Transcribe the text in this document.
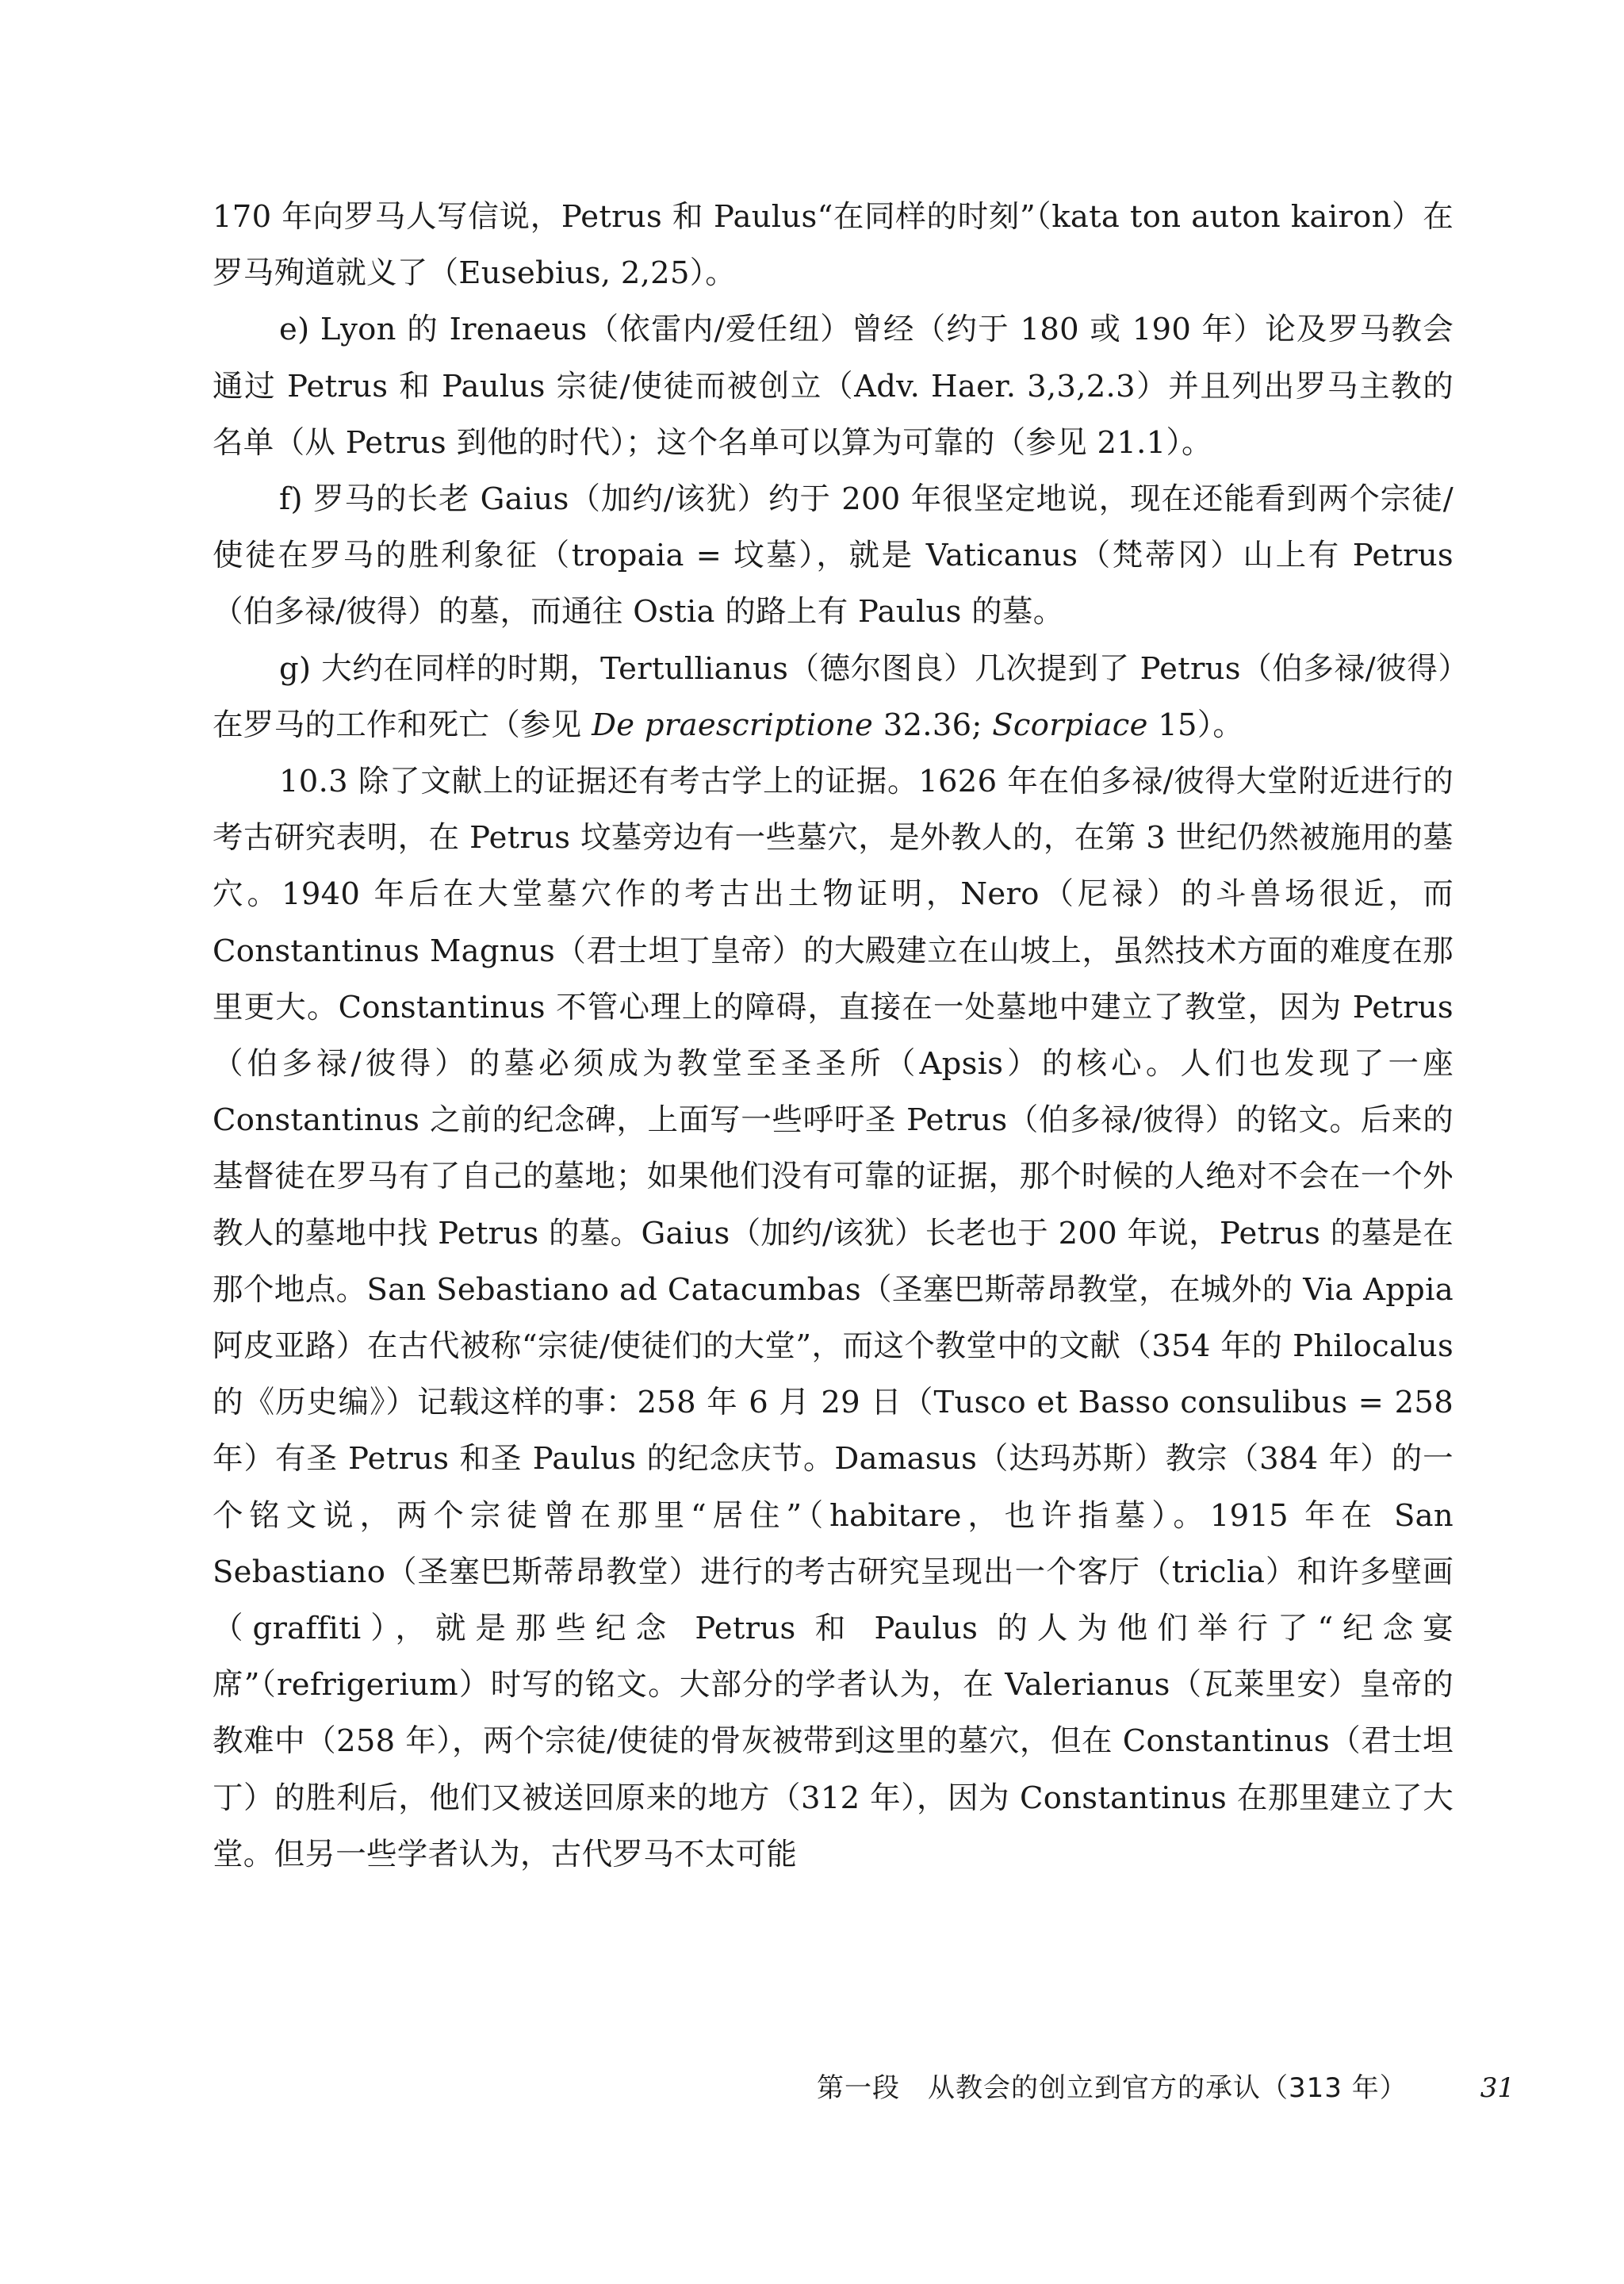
170 年向罗马人写信说，Petrus 和 Paulus“在同样的时刻”（kata ton auton kairon）在罗马殉道就义了（Eusebius, 2,25）。

e) Lyon 的 Irenaeus（依雷内/爱任纽）曾经（约于 180 或 190 年）论及罗马教会通过 Petrus 和 Paulus 宗徒/使徒而被创立（Adv. Haer. 3,3,2.3）并且列出罗马主教的名单（从 Petrus 到他的时代）；这个名单可以算为可靠的（参见 21.1）。

f) 罗马的长老 Gaius（加约/该犹）约于 200 年很坚定地说，现在还能看到两个宗徒/使徒在罗马的胜利象征（tropaia = 坟墓），就是 Vaticanus（梵蒂冈）山上有 Petrus（伯多禄/彼得）的墓，而通往 Ostia 的路上有 Paulus 的墓。

g) 大约在同样的时期，Tertullianus（德尔图良）几次提到了 Petrus（伯多禄/彼得）在罗马的工作和死亡（参见 De praescriptione 32.36; Scorpiace 15）。

10.3 除了文献上的证据还有考古学上的证据。1626 年在伯多禄/彼得大堂附近进行的考古研究表明，在 Petrus 坟墓旁边有一些墓穴，是外教人的，在第 3 世纪仍然被施用的墓穴。1940 年后在大堂墓穴作的考古出土物证明，Nero（尼禄）的斗兽场很近，而 Constantinus Magnus（君士坦丁皇帝）的大殿建立在山坡上，虽然技术方面的难度在那里更大。Constantinus 不管心理上的障碍，直接在一处墓地中建立了教堂，因为 Petrus（伯多禄/彼得）的墓必须成为教堂至圣圣所（Apsis）的核心。人们也发现了一座 Constantinus 之前的纪念碑，上面写一些呼吁圣 Petrus（伯多禄/彼得）的铭文。后来的基督徒在罗马有了自己的墓地；如果他们没有可靠的证据，那个时候的人绝对不会在一个外教人的墓地中找 Petrus 的墓。Gaius（加约/该犹）长老也于 200 年说，Petrus 的墓是在那个地点。San Sebastiano ad Catacumbas（圣塞巴斯蒂昂教堂，在城外的 Via Appia 阿皮亚路）在古代被称“宗徒/使徒们的大堂”，而这个教堂中的文献（354 年的 Philocalus 的《历史编》）记载这样的事：258 年 6 月 29 日（Tusco et Basso consulibus = 258 年）有圣 Petrus 和圣 Paulus 的纪念庆节。Damasus（达玛苏斯）教宗（384 年）的一个铭文说，两个宗徒曾在那里“居住”（habitare，也许指墓）。1915 年在 San Sebastiano（圣塞巴斯蒂昂教堂）进行的考古研究呈现出一个客厅（triclia）和许多壁画（graffiti），就是那些纪念 Petrus 和 Paulus 的人为他们举行了“纪念宴席”（refrigerium）时写的铭文。大部分的学者认为，在 Valerianus（瓦莱里安）皇帝的教难中（258 年），两个宗徒/使徒的骨灰被带到这里的墓穴，但在 Constantinus（君士坦丁）的胜利后，他们又被送回原来的地方（312 年），因为 Constantinus 在那里建立了大堂。但另一些学者认为，古代罗马不太可能

第一段　从教会的创立到官方的承认（313 年）	31
